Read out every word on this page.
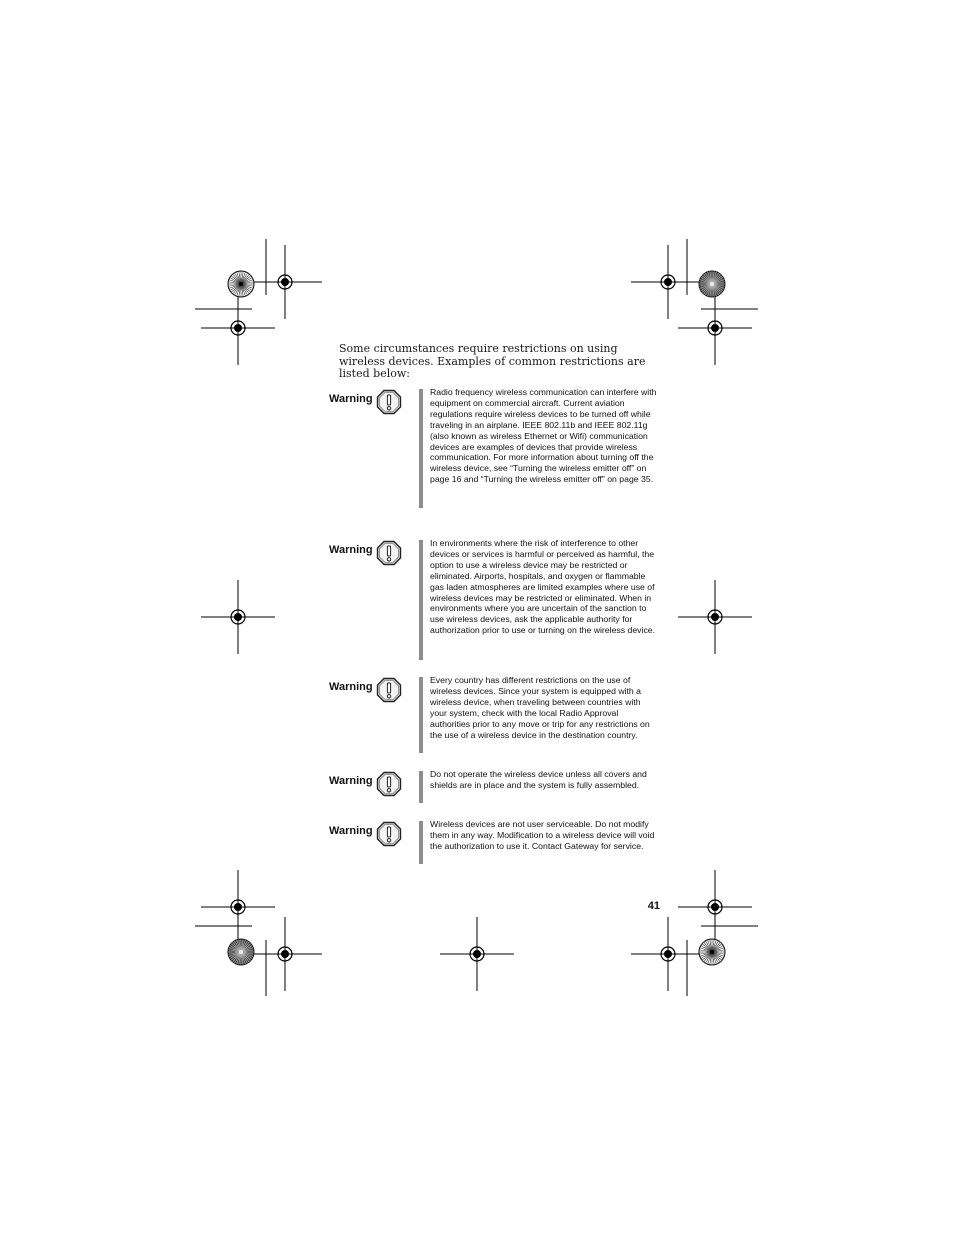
Some circumstances require restrictions on using wireless devices. Examples of common restrictions are listed below:

Warning

Radio frequency wireless communication can interfere with equipment on commercial aircraft. Current aviation regulations require wireless devices to be turned off while traveling in an airplane. IEEE 802.11b and IEEE 802.11g (also known as wireless Ethernet or Wifi) communication devices are examples of devices that provide wireless communication. For more information about turning off the wireless device, see “Turning the wireless emitter off” on page 16 and “Turning the wireless emitter off” on page 35.

Warning

In environments where the risk of interference to other devices or services is harmful or perceived as harmful, the option to use a wireless device may be restricted or eliminated. Airports, hospitals, and oxygen or flammable gas laden atmospheres are limited examples where use of wireless devices may be restricted or eliminated. When in environments where you are uncertain of the sanction to use wireless devices, ask the applicable authority for authorization prior to use or turning on the wireless device.

Warning

Every country has different restrictions on the use of wireless devices. Since your system is equipped with a wireless device, when traveling between countries with your system, check with the local Radio Approval authorities prior to any move or trip for any restrictions on the use of a wireless device in the destination country.

Warning

Do not operate the wireless device unless all covers and shields are in place and the system is fully assembled.

Warning

Wireless devices are not user serviceable. Do not modify them in any way. Modification to a wireless device will void the authorization to use it. Contact Gateway for service.

41
